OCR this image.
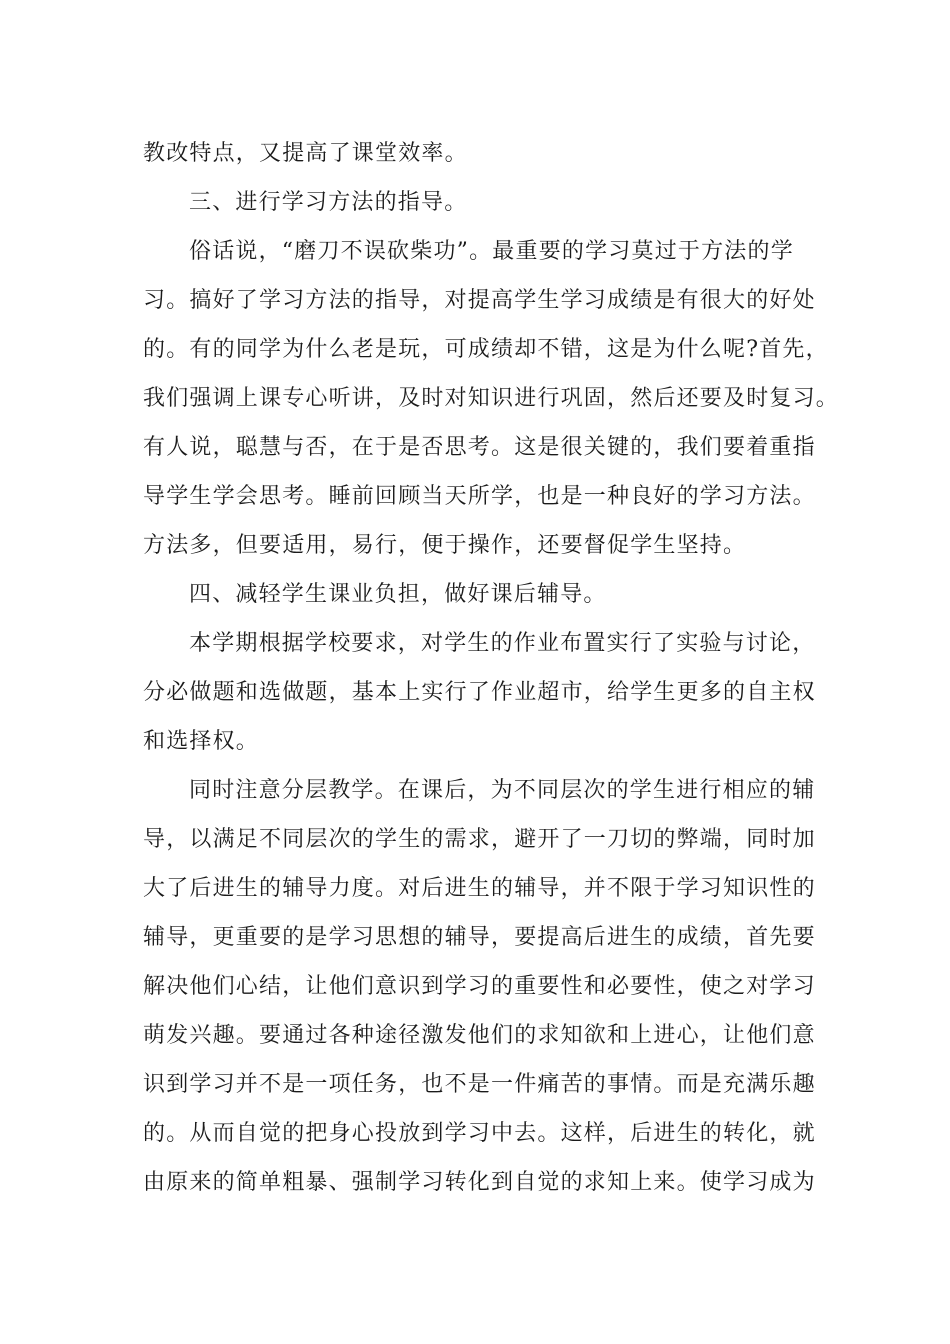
教改特点，又提高了课堂效率。
三、进行学习方法的指导。
俗话说，“磨刀不误砍柴功”。最重要的学习莫过于方法的学
习。搞好了学习方法的指导，对提高学生学习成绩是有很大的好处
的。有的同学为什么老是玩，可成绩却不错，这是为什么呢?首先，
我们强调上课专心听讲，及时对知识进行巩固，然后还要及时复习。
有人说，聪慧与否，在于是否思考。这是很关键的，我们要着重指
导学生学会思考。睡前回顾当天所学，也是一种良好的学习方法。
方法多，但要适用，易行，便于操作，还要督促学生坚持。
四、减轻学生课业负担，做好课后辅导。
本学期根据学校要求，对学生的作业布置实行了实验与讨论，
分必做题和选做题，基本上实行了作业超市，给学生更多的自主权
和选择权。
同时注意分层教学。在课后，为不同层次的学生进行相应的辅
导，以满足不同层次的学生的需求，避开了一刀切的弊端，同时加
大了后进生的辅导力度。对后进生的辅导，并不限于学习知识性的
辅导，更重要的是学习思想的辅导，要提高后进生的成绩，首先要
解决他们心结，让他们意识到学习的重要性和必要性，使之对学习
萌发兴趣。要通过各种途径激发他们的求知欲和上进心，让他们意
识到学习并不是一项任务，也不是一件痛苦的事情。而是充满乐趣
的。从而自觉的把身心投放到学习中去。这样，后进生的转化，就
由原来的简单粗暴、强制学习转化到自觉的求知上来。使学习成为
